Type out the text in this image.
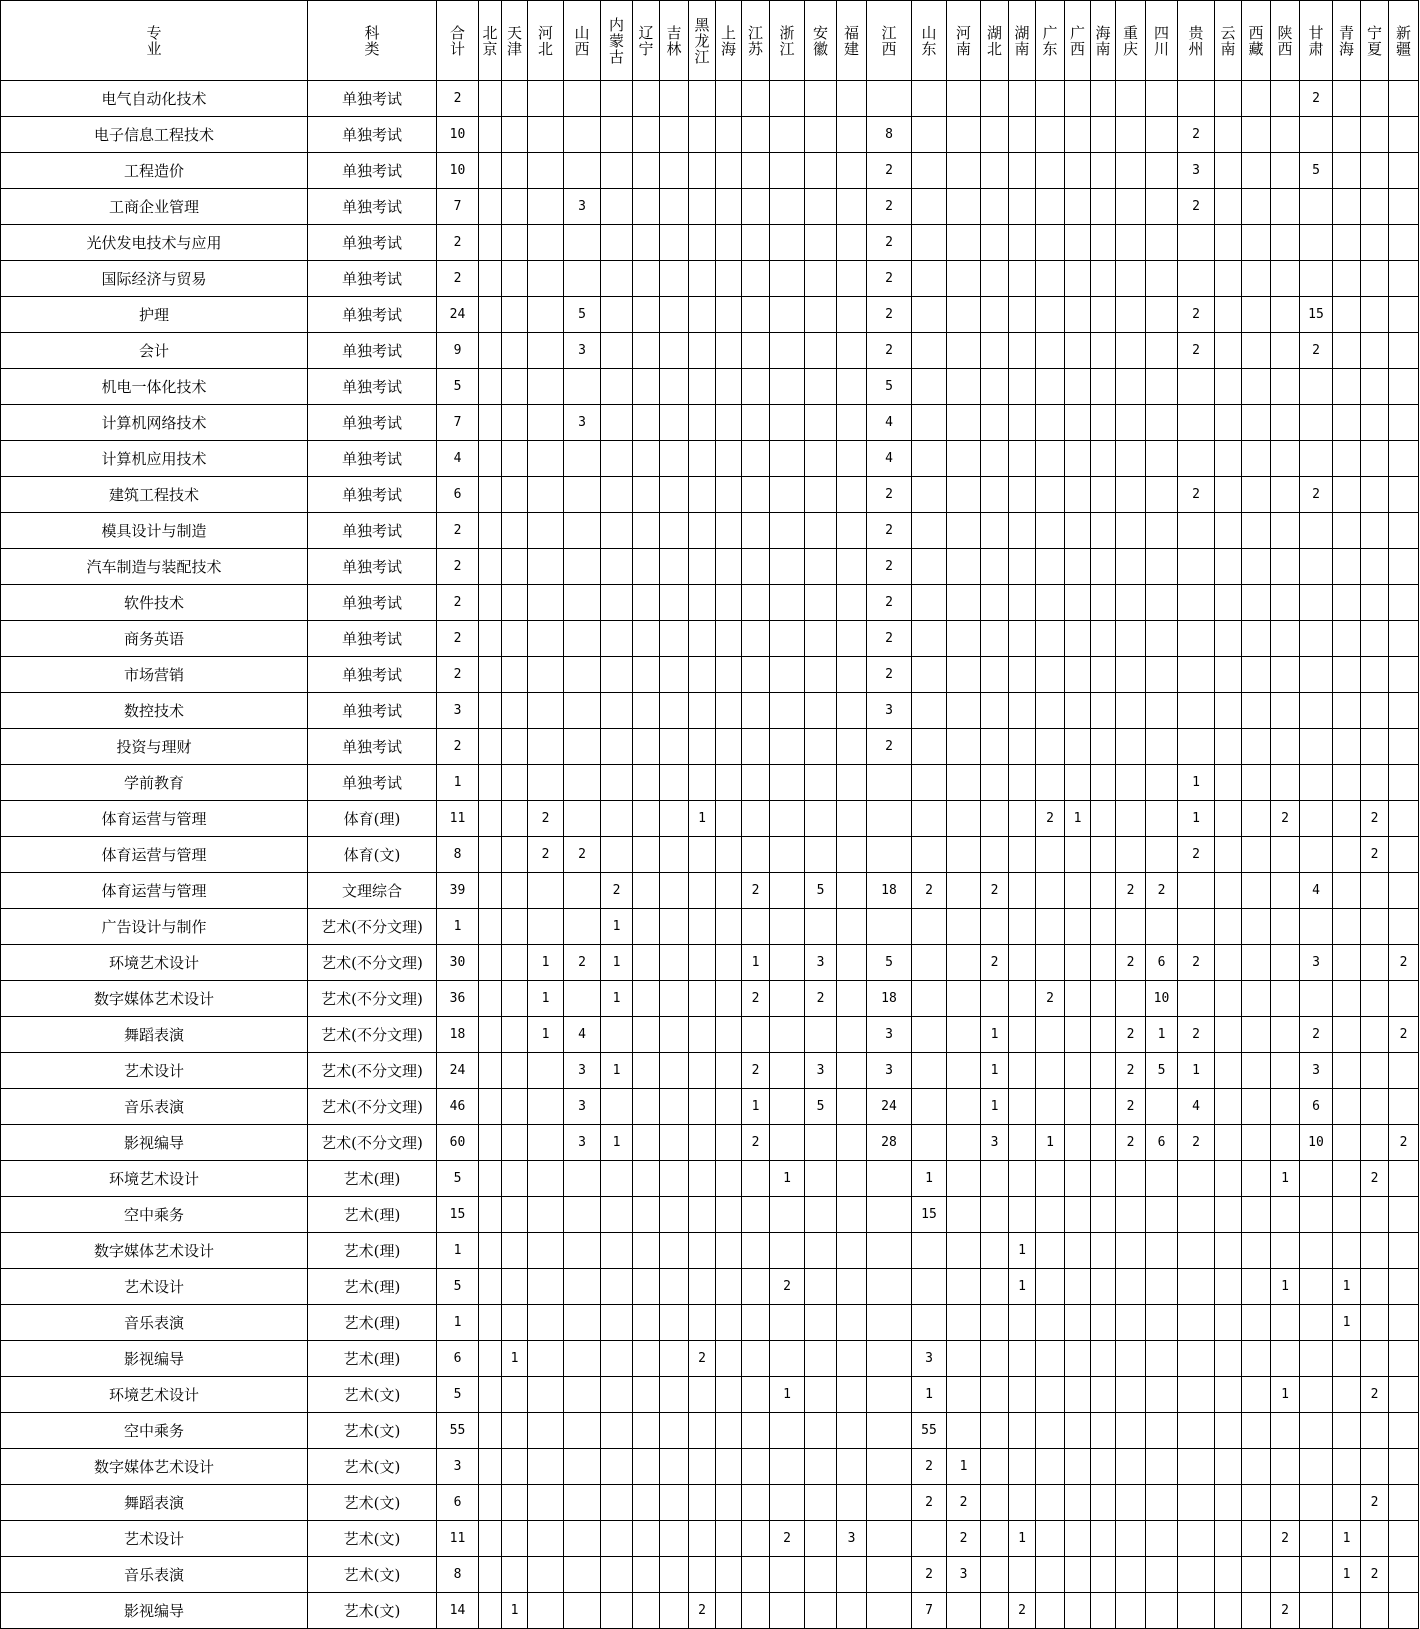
专业	科类	合计	北京	天津	河北	山西	内蒙古	辽宁	吉林	黑龙江	上海	江苏	浙江	安徽	福建	江西	山东	河南	湖北	湖南	广东	广西	海南	重庆	四川	贵州	云南	西藏	陕西	甘肃	青海	宁夏	新疆
电气自动化技术	单独考试	2																												2			
电子信息工程技术	单独考试	10														8										2							
工程造价	单独考试	10														2										3				5			
工商企业管理	单独考试	7				3										2										2							
光伏发电技术与应用	单独考试	2														2																	
国际经济与贸易	单独考试	2														2																	
护理	单独考试	24				5										2										2				15			
会计	单独考试	9				3										2										2				2			
机电一体化技术	单独考试	5														5																	
计算机网络技术	单独考试	7				3										4																	
计算机应用技术	单独考试	4														4																	
建筑工程技术	单独考试	6														2										2				2			
模具设计与制造	单独考试	2														2																	
汽车制造与装配技术	单独考试	2														2																	
软件技术	单独考试	2														2																	
商务英语	单独考试	2														2																	
市场营销	单独考试	2														2																	
数控技术	单独考试	3														3																	
投资与理财	单独考试	2														2																	
学前教育	单独考试	1																								1							
体育运营与管理	体育(理)	11			2					1											2	1				1			2			2	
体育运营与管理	体育(文)	8			2	2																				2						2	
体育运营与管理	文理综合	39					2					2		5		18	2		2					2	2					4			
广告设计与制作	艺术(不分文理)	1					1																										
环境艺术设计	艺术(不分文理)	30			1	2	1					1		3		5			2					2	6	2				3			2
数字媒体艺术设计	艺术(不分文理)	36			1		1					2		2		18					2				10								
舞蹈表演	艺术(不分文理)	18			1	4										3			1					2	1	2				2			2
艺术设计	艺术(不分文理)	24				3	1					2		3		3			1					2	5	1				3			
音乐表演	艺术(不分文理)	46				3						1		5		24			1					2		4				6			
影视编导	艺术(不分文理)	60				3	1					2				28			3		1			2	6	2				10			2
环境艺术设计	艺术(理)	5											1				1												1			2	
空中乘务	艺术(理)	15															15																
数字媒体艺术设计	艺术(理)	1																		1													
艺术设计	艺术(理)	5											2							1									1		1		
音乐表演	艺术(理)	1																													1		
影视编导	艺术(理)	6		1						2							3																
环境艺术设计	艺术(文)	5											1				1												1			2	
空中乘务	艺术(文)	55															55																
数字媒体艺术设计	艺术(文)	3															2	1															
舞蹈表演	艺术(文)	6															2	2														2	
艺术设计	艺术(文)	11											2		3			2		1									2		1		
音乐表演	艺术(文)	8															2	3													1	2	
影视编导	艺术(文)	14		1						2							7			2									2				
